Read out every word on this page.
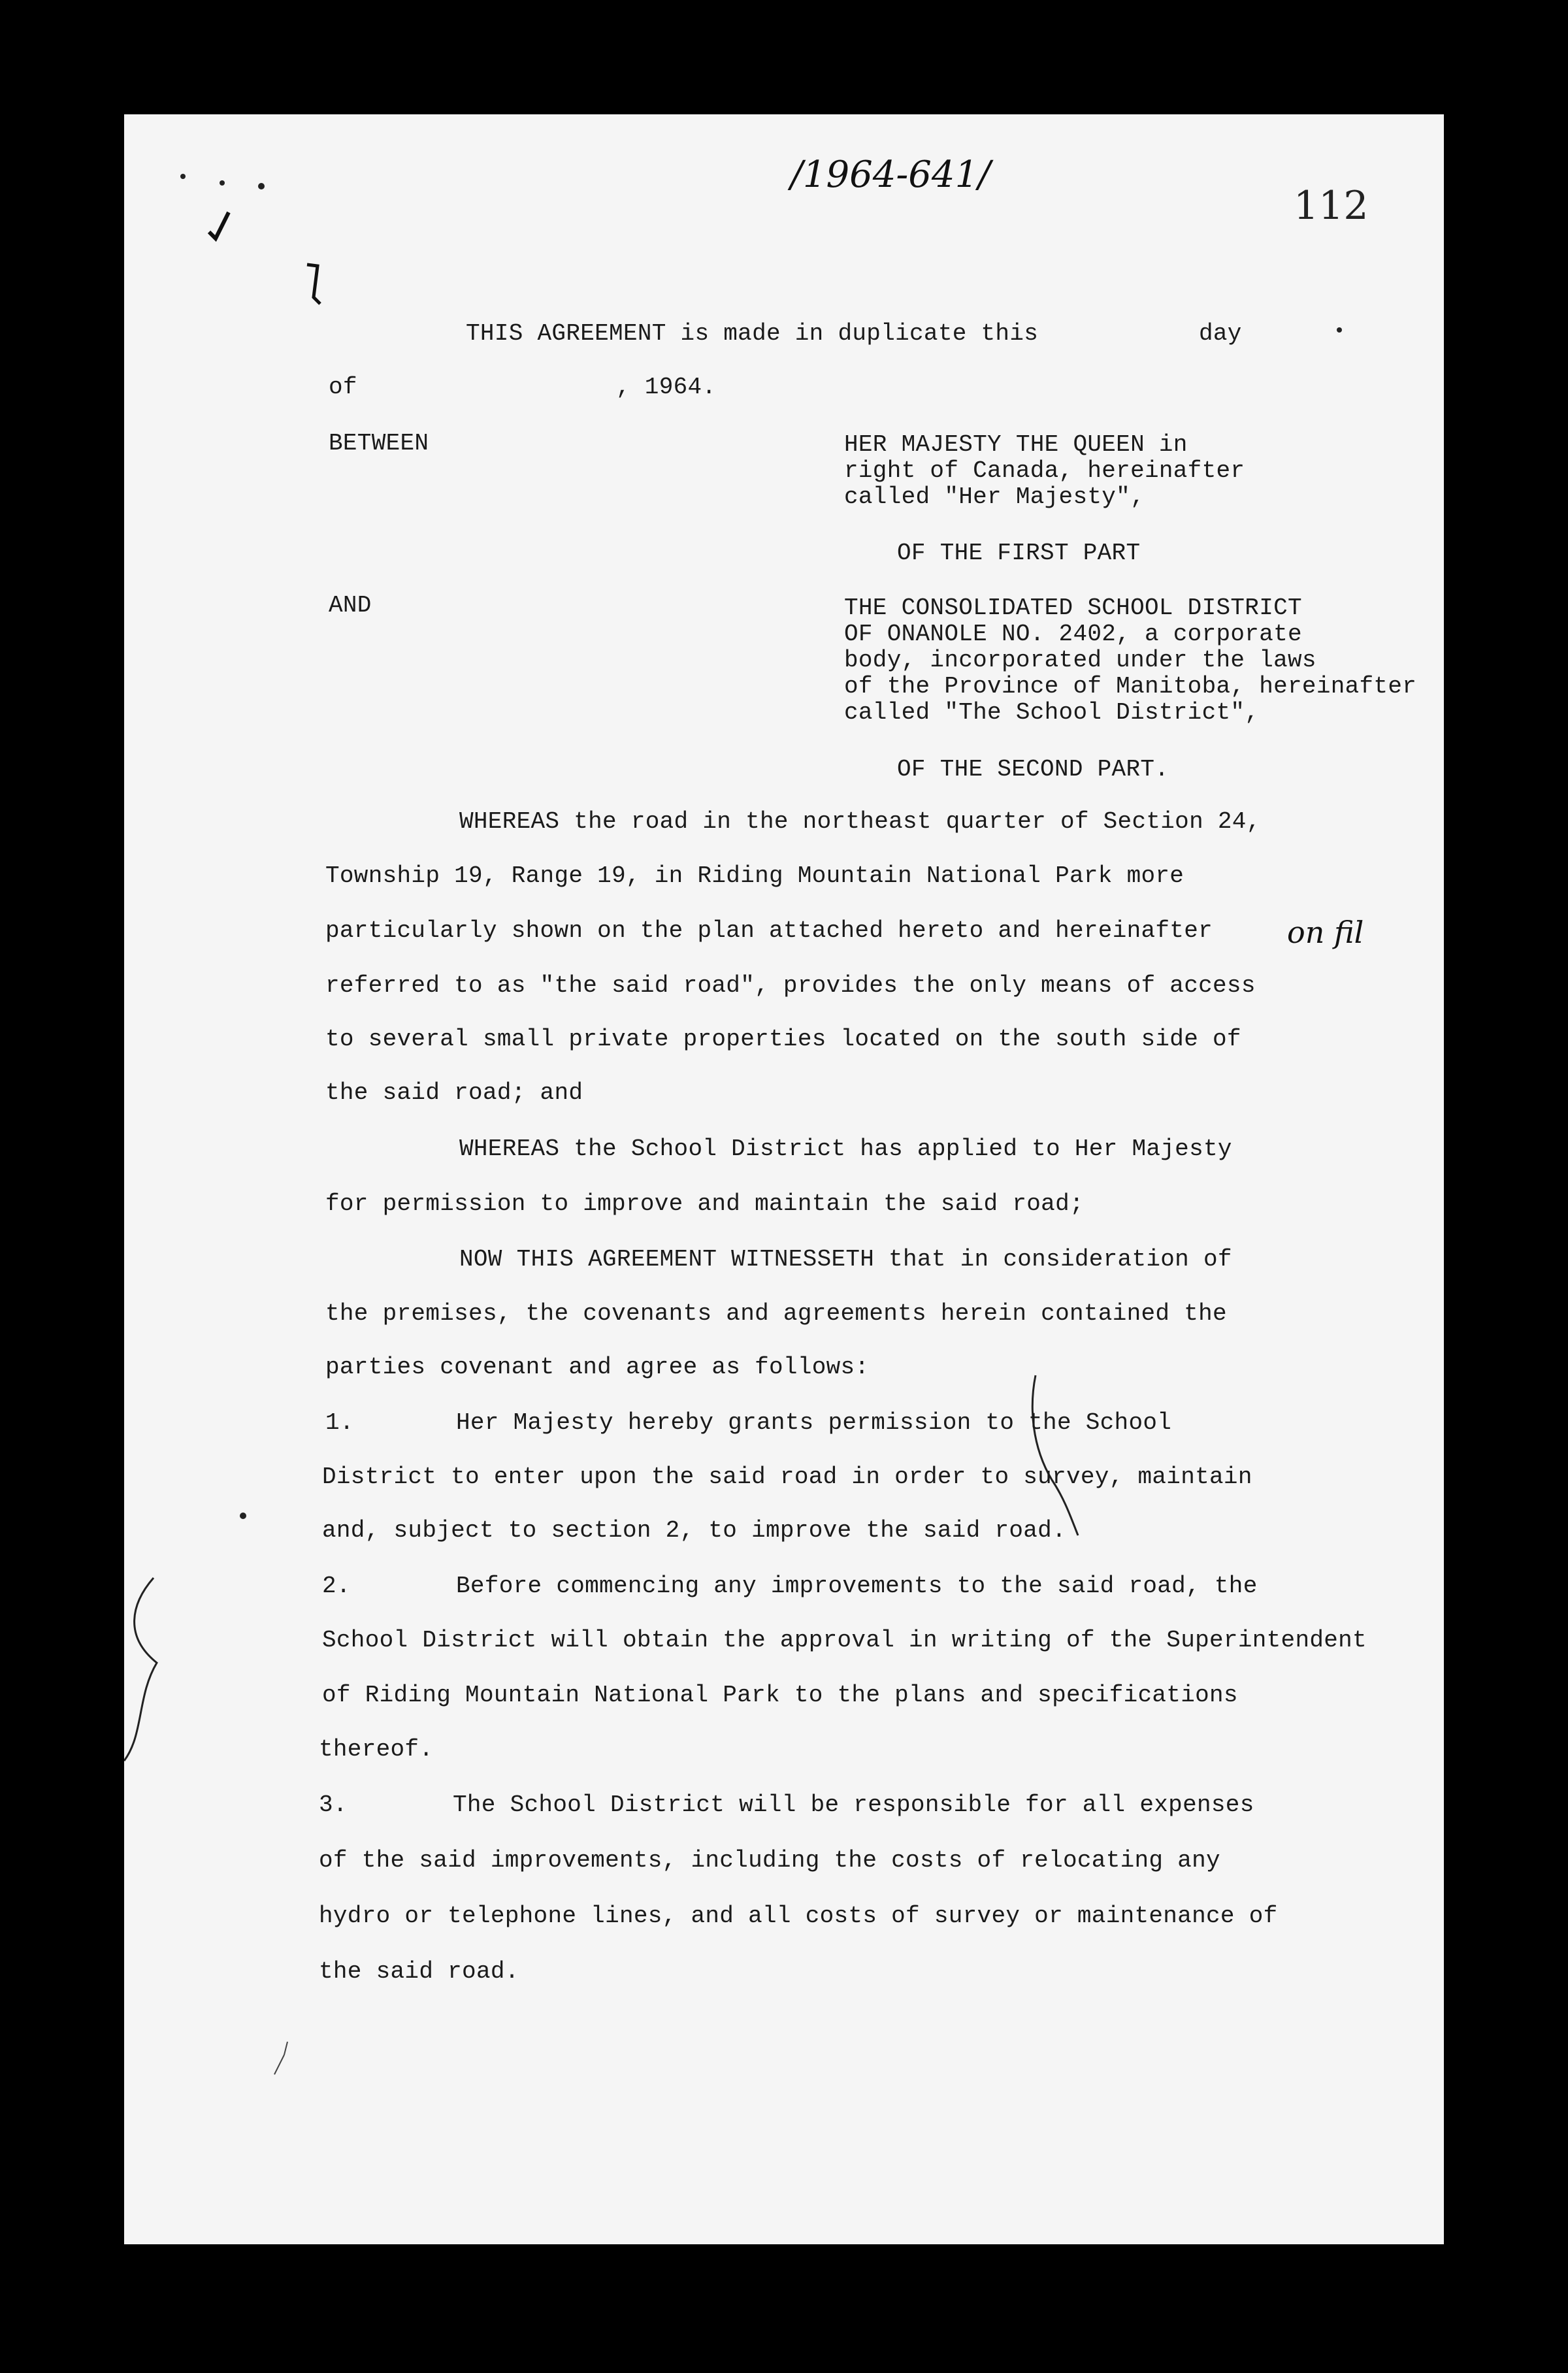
/1964-641/

112

on fil

THIS AGREEMENT is made in duplicate this	day

of	, 1964.

BETWEEN	HER MAJESTY THE QUEEN in

right of Canada, hereinafter

called "Her Majesty",

OF THE FIRST PART

AND	THE CONSOLIDATED SCHOOL DISTRICT

OF ONANOLE NO. 2402, a corporate

body, incorporated under the laws

of the Province of Manitoba, hereinafter

called "The School District",

OF THE SECOND PART.

WHEREAS the road in the northeast quarter of Section 24,

Township 19, Range 19, in Riding Mountain National Park more

particularly shown on the plan attached hereto and hereinafter

referred to as "the said road", provides the only means of access

to several small private properties located on the south side of

the said road; and

WHEREAS the School District has applied to Her Majesty

for permission to improve and maintain the said road;

NOW THIS AGREEMENT WITNESSETH that in consideration of

the premises, the covenants and agreements herein contained the

parties covenant and agree as follows:

1.	Her Majesty hereby grants permission to the School

District to enter upon the said road in order to survey, maintain

and, subject to section 2, to improve the said road.

2.	Before commencing any improvements to the said road, the

School District will obtain the approval in writing of the Superintendent

of Riding Mountain National Park to the plans and specifications

thereof.

3.	The School District will be responsible for all expenses

of the said improvements, including the costs of relocating any

hydro or telephone lines, and all costs of survey or maintenance of

the said road.
